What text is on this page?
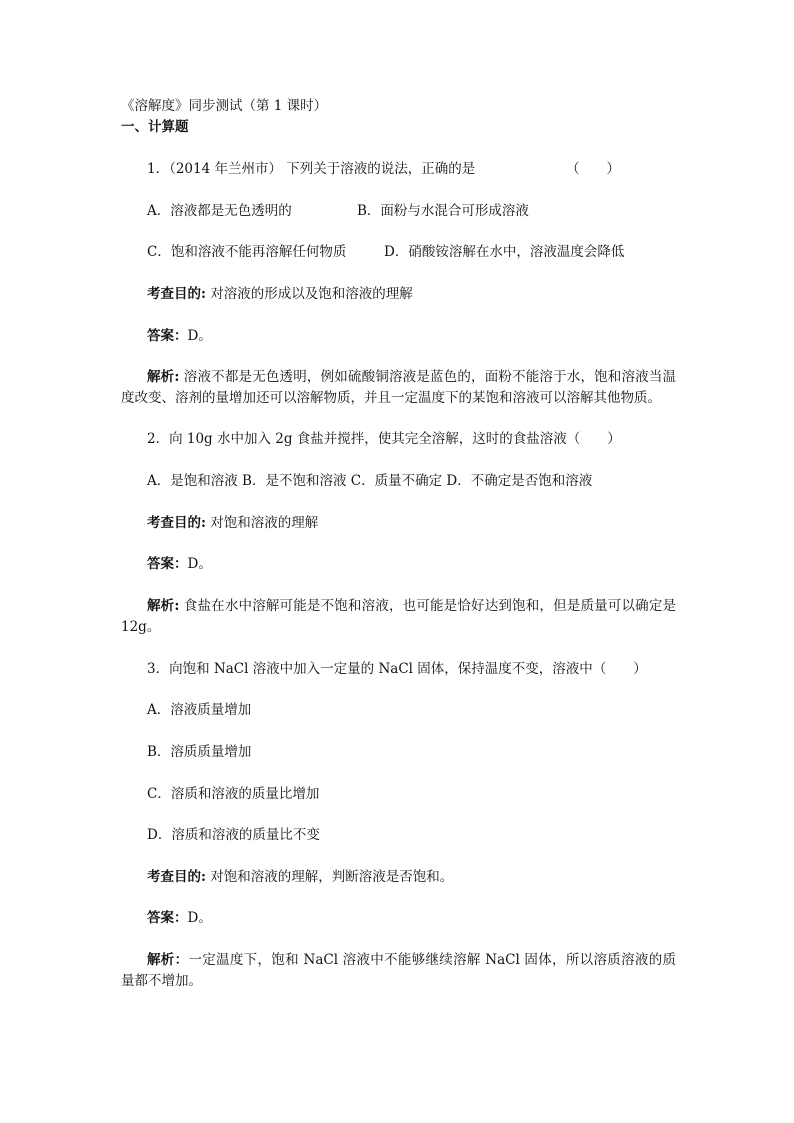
《溶解度》同步测试（第 1 课时）
一、计算题
1．（2014 年兰州市） 下列关于溶液的说法，正确的是	（　　）
A．溶液都是无色透明的	B．面粉与水混合可形成溶液
C．饱和溶液不能再溶解任何物质	D．硝酸铵溶解在水中，溶液温度会降低
考查目的: 对溶液的形成以及饱和溶液的理解
答案：D。
解析: 溶液不都是无色透明，例如硫酸铜溶液是蓝色的，面粉不能溶于水，饱和溶液当温度改变、溶剂的量增加还可以溶解物质，并且一定温度下的某饱和溶液可以溶解其他物质。
2．向 10g 水中加入 2g 食盐并搅拌，使其完全溶解，这时的食盐溶液（　　）
A．是饱和溶液 B．是不饱和溶液 C．质量不确定 D．不确定是否饱和溶液
考查目的: 对饱和溶液的理解
答案：D。
解析: 食盐在水中溶解可能是不饱和溶液，也可能是恰好达到饱和，但是质量可以确定是 12g。
3．向饱和 NaCl 溶液中加入一定量的 NaCl 固体，保持温度不变，溶液中（　　）
A．溶液质量增加
B．溶质质量增加
C．溶质和溶液的质量比增加
D．溶质和溶液的质量比不变
考查目的: 对饱和溶液的理解，判断溶液是否饱和。
答案：D。
解析：一定温度下，饱和 NaCl 溶液中不能够继续溶解 NaCl 固体，所以溶质溶液的质量都不增加。
